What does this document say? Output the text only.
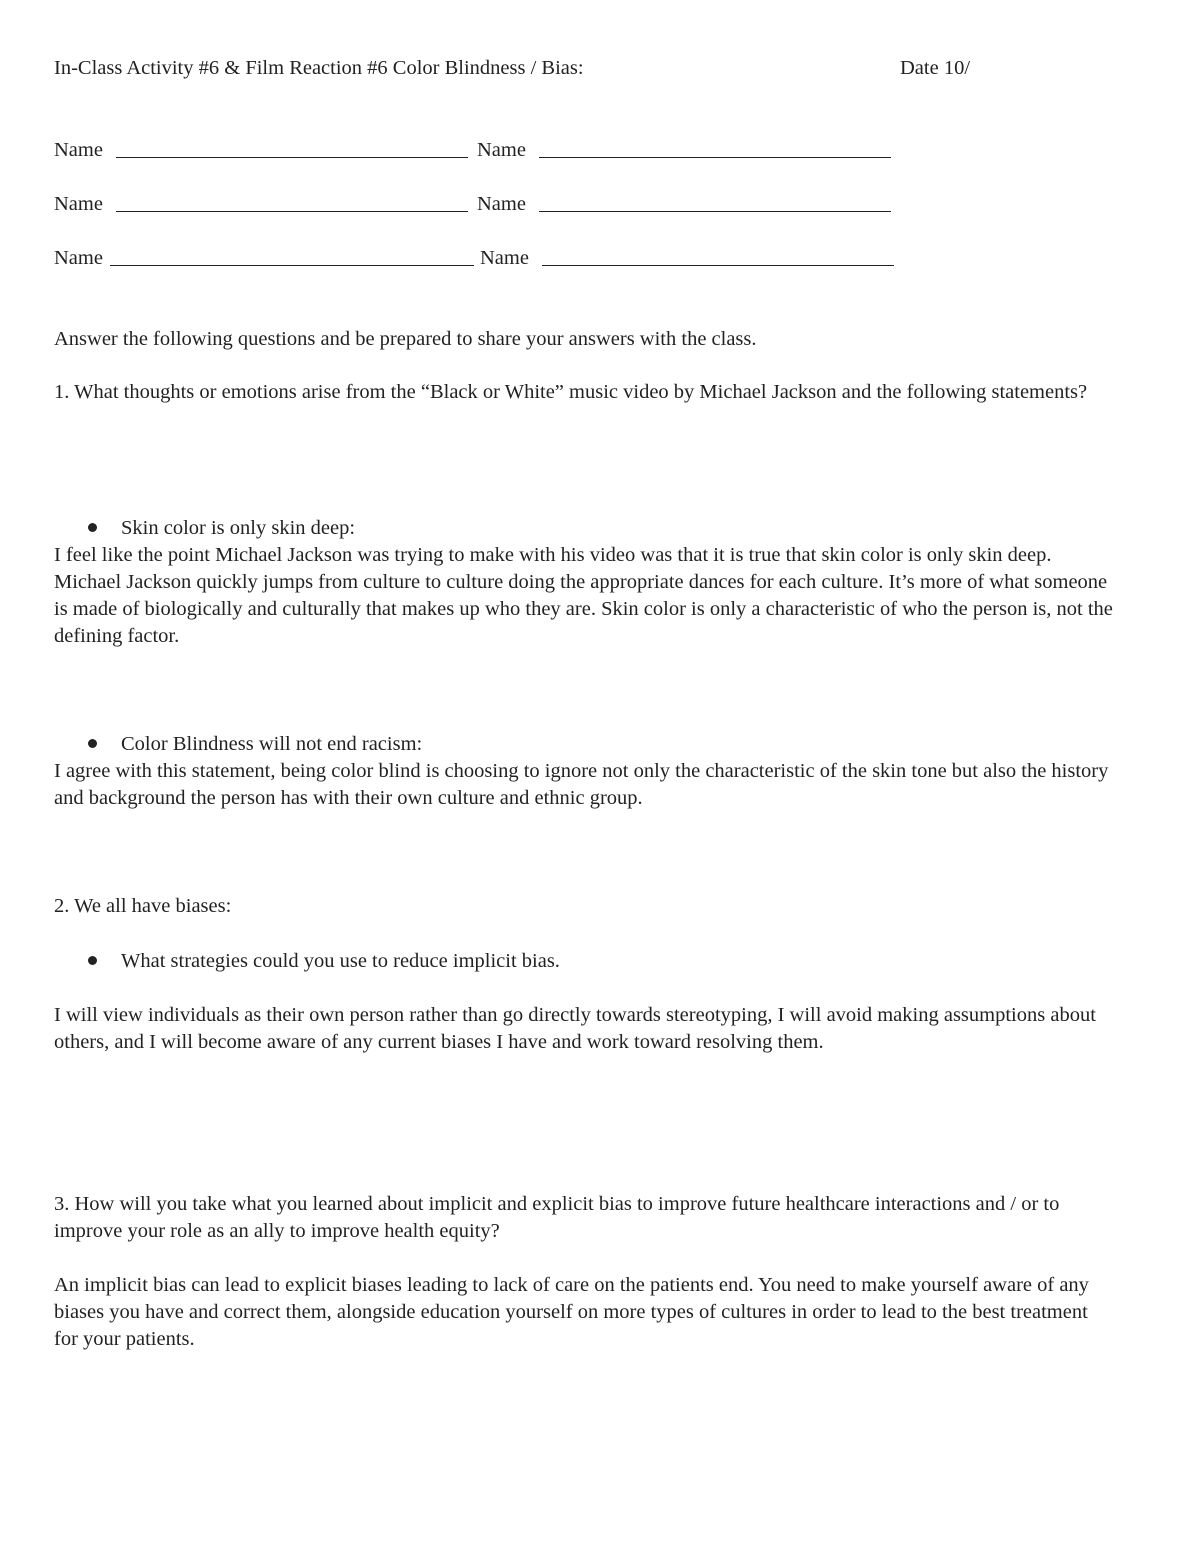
In-Class Activity #6 & Film Reaction #6 Color Blindness / Bias:	Date 10/
Name	Name
Name	Name
Name	Name
Answer the following questions and be prepared to share your answers with the class.
1. What thoughts or emotions arise from the “Black or White” music video by Michael Jackson and the following statements?
Skin color is only skin deep:
I feel like the point Michael Jackson was trying to make with his video was that it is true that skin color is only skin deep. Michael Jackson quickly jumps from culture to culture doing the appropriate dances for each culture. It’s more of what someone is made of biologically and culturally that makes up who they are. Skin color is only a characteristic of who the person is, not the defining factor.
Color Blindness will not end racism:
I agree with this statement, being color blind is choosing to ignore not only the characteristic of the skin tone but also the history and background the person has with their own culture and ethnic group.
2. We all have biases:
What strategies could you use to reduce implicit bias.
I will view individuals as their own person rather than go directly towards stereotyping, I will avoid making assumptions about others, and I will become aware of any current biases I have and work toward resolving them.
3. How will you take what you learned about implicit and explicit bias to improve future healthcare interactions and / or to improve your role as an ally to improve health equity?
An implicit bias can lead to explicit biases leading to lack of care on the patients end. You need to make yourself aware of any biases you have and correct them, alongside education yourself on more types of cultures in order to lead to the best treatment for your patients.
